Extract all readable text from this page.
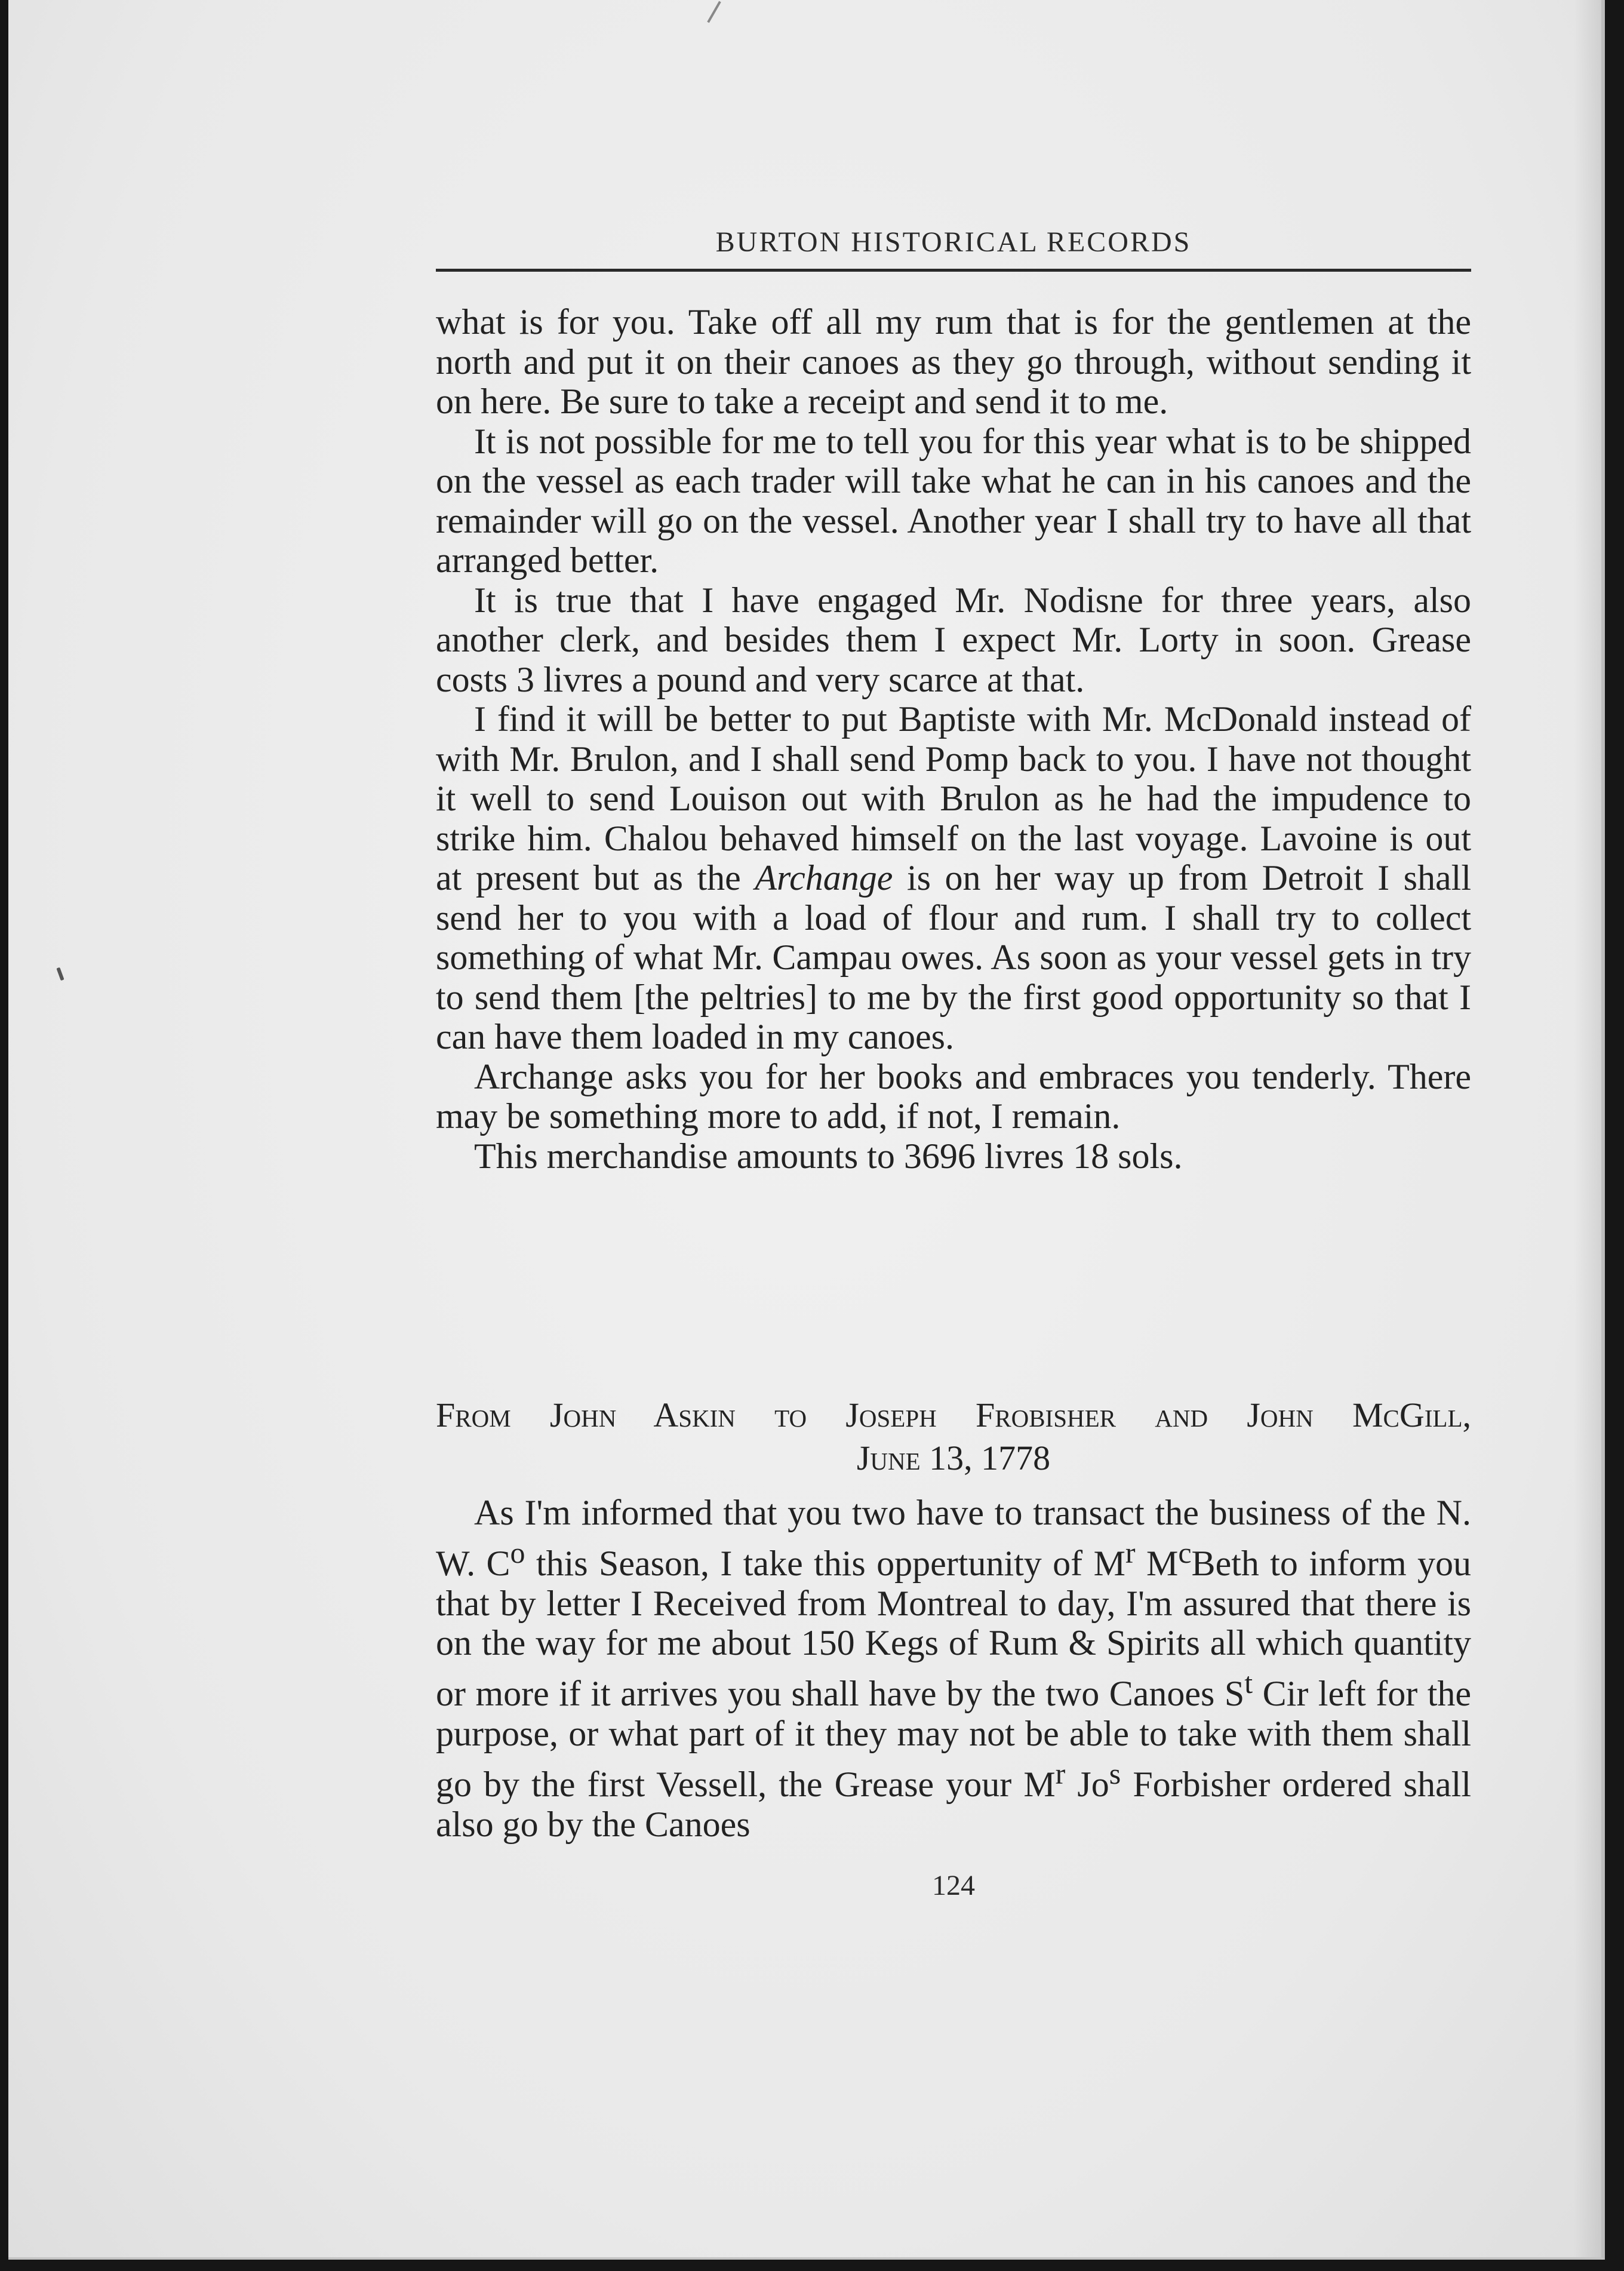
BURTON HISTORICAL RECORDS

what is for you. Take off all my rum that is for the gentlemen at the north and put it on their canoes as they go through, without sending it on here. Be sure to take a receipt and send it to me.

It is not possible for me to tell you for this year what is to be shipped on the vessel as each trader will take what he can in his canoes and the remainder will go on the vessel. Another year I shall try to have all that arranged better.

It is true that I have engaged Mr. Nodisne for three years, also another clerk, and besides them I expect Mr. Lorty in soon. Grease costs 3 livres a pound and very scarce at that.

I find it will be better to put Baptiste with Mr. McDonald instead of with Mr. Brulon, and I shall send Pomp back to you. I have not thought it well to send Louison out with Brulon as he had the impudence to strike him. Chalou behaved himself on the last voyage. Lavoine is out at present but as the Archange is on her way up from Detroit I shall send her to you with a load of flour and rum. I shall try to collect something of what Mr. Campau owes. As soon as your vessel gets in try to send them [the peltries] to me by the first good opportunity so that I can have them loaded in my canoes.

Archange asks you for her books and embraces you tenderly. There may be something more to add, if not, I remain.

This merchandise amounts to 3696 livres 18 sols.

From John Askin to Joseph Frobisher and John McGill,
June 13, 1778

As I'm informed that you two have to transact the business of the N. W. $C^o$ this Season, I take this oppertunity of $M^r$ $M^cBeth$ to inform you that by letter I Received from Montreal to day, I'm assured that there is on the way for me about 150 Kegs of Rum & Spirits all which quantity or more if it arrives you shall have by the two Canoes $S^t$ Cir left for the purpose, or what part of it they may not be able to take with them shall go by the first Vessell, the Grease your $M^r$ Jo$^s$ Forbisher ordered shall also go by the Canoes

124
